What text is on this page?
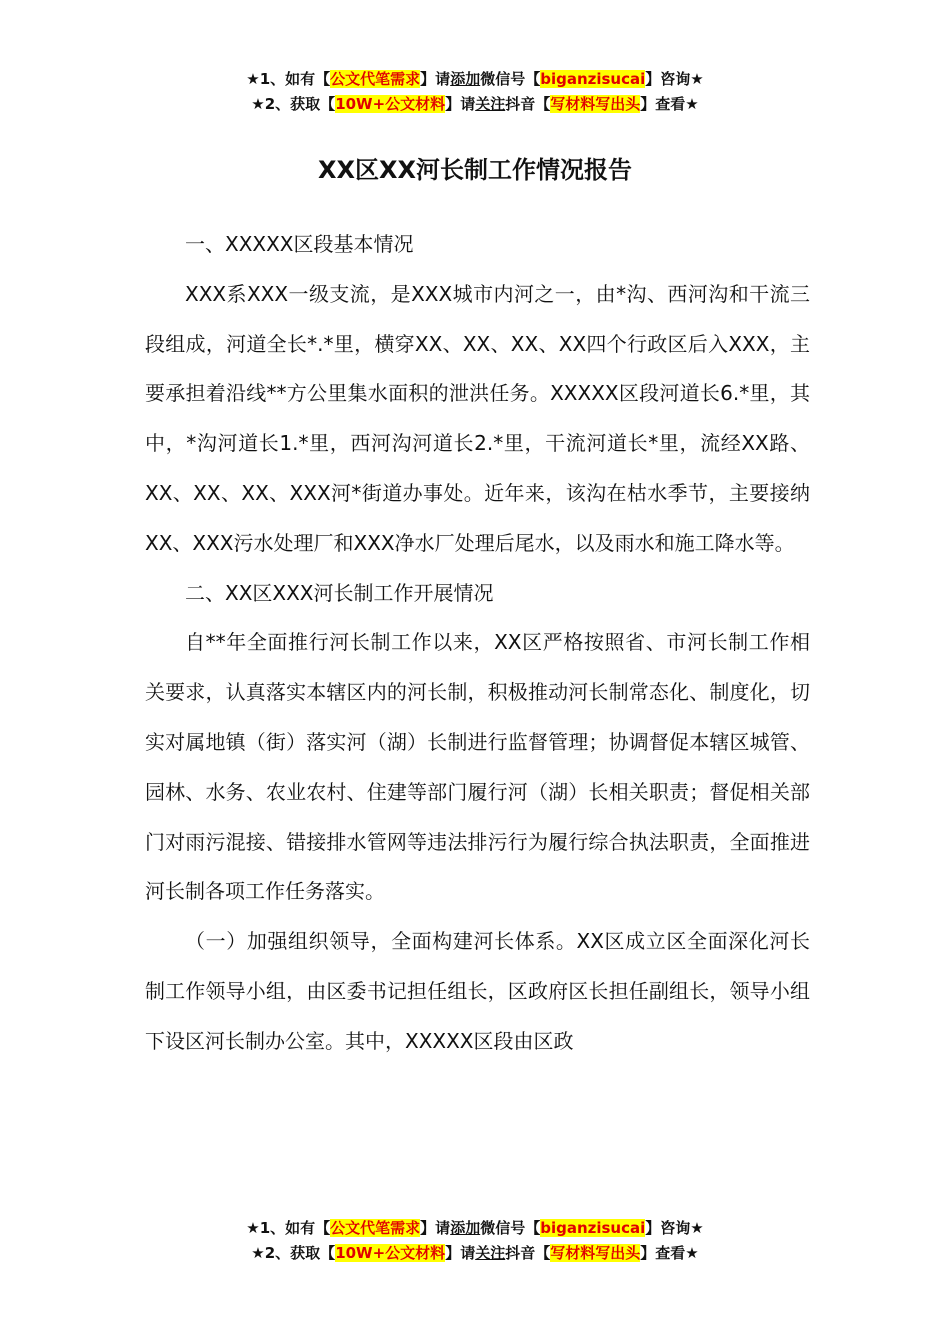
★1、如有【公文代笔需求】请添加微信号【biganzisucai】咨询★
★2、获取【10W+公文材料】请关注抖音【写材料写出头】查看★
XX区XX河长制工作情况报告

一、XXXXX区段基本情况

XXX系XXX一级支流，是XXX城市内河之一，由*沟、西河沟和干流三段组成，河道全长*.*里，横穿XX、XX、XX、XX四个行政区后入XXX，主要承担着沿线**方公里集水面积的泄洪任务。XXXXX区段河道长6.*里，其中，*沟河道长1.*里，西河沟河道长2.*里，干流河道长*里，流经XX路、XX、XX、XX、XXX河*街道办事处。近年来，该沟在枯水季节，主要接纳XX、XXX污水处理厂和XXX净水厂处理后尾水，以及雨水和施工降水等。

二、XX区XXX河长制工作开展情况

自**年全面推行河长制工作以来，XX区严格按照省、市河长制工作相关要求，认真落实本辖区内的河长制，积极推动河长制常态化、制度化，切实对属地镇（街）落实河（湖）长制进行监督管理；协调督促本辖区城管、园林、水务、农业农村、住建等部门履行河（湖）长相关职责；督促相关部门对雨污混接、错接排水管网等违法排污行为履行综合执法职责，全面推进河长制各项工作任务落实。

（一）加强组织领导，全面构建河长体系。XX区成立区全面深化河长制工作领导小组，由区委书记担任组长，区政府区长担任副组长，领导小组下设区河长制办公室。其中，XXXXX区段由区政

★1、如有【公文代笔需求】请添加微信号【biganzisucai】咨询★
★2、获取【10W+公文材料】请关注抖音【写材料写出头】查看★
